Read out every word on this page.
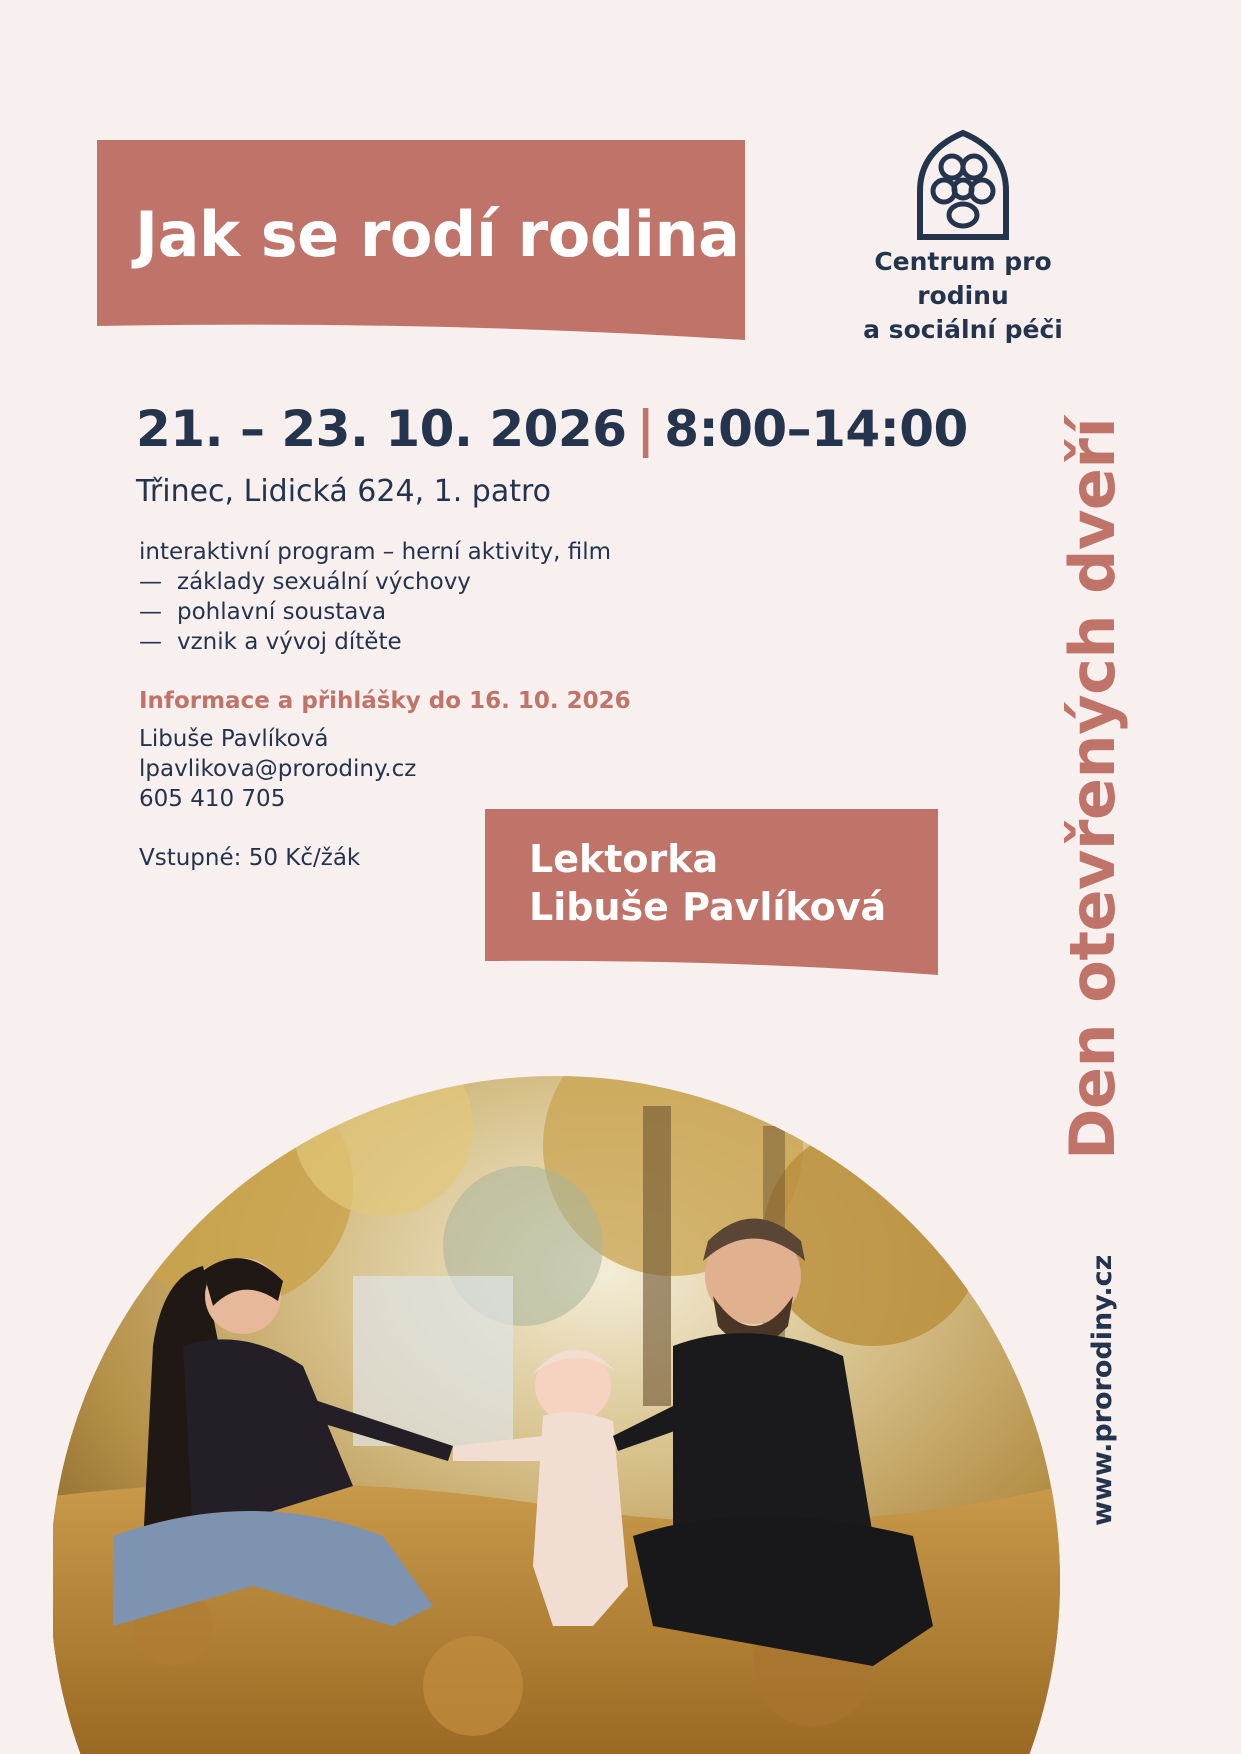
Jak se rodí rodina	Centrum pro rodinu
a sociální péči
21. – 23. 10. 2026 | 8:00–14:00
Třinec, Lidická 624, 1. patro
interaktivní program – herní aktivity, film
— základy sexuální výchovy
— pohlavní soustava
— vznik a vývoj dítěte
Informace a přihlášky do 16. 10. 2026
Libuše Pavlíková
lpavlikova@prorodiny.cz
605 410 705
Vstupné: 50 Kč/žák	Lektorka
Libuše Pavlíková	Den otevřených dveří
www.prorodiny.cz
